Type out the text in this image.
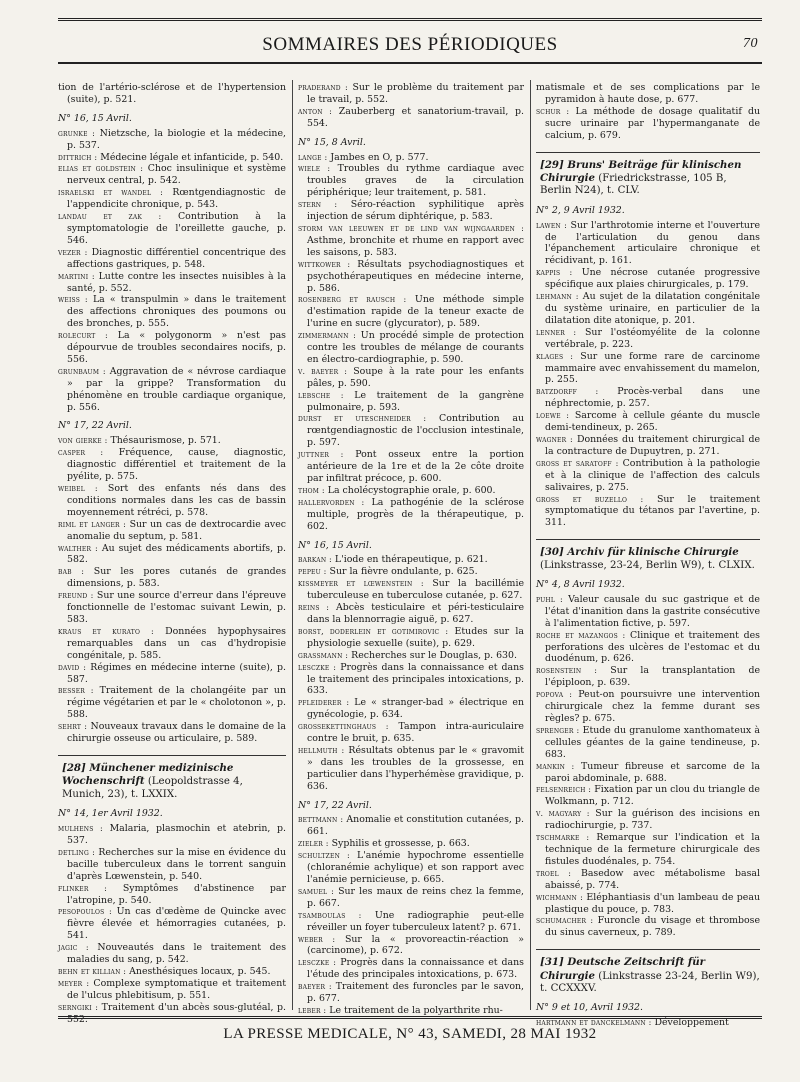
SOMMAIRES DES PÉRIODIQUES	70

tion de l'artério-sclérose et de l'hypertension (suite), p. 521.

N° 16, 15 Avril.

grunke : Nietzsche, la biologie et la médecine, p. 537.

dittrich : Médecine légale et infanticide, p. 540.

elias et goldstein : Choc insulinique et système nerveux central, p. 542.

israelski et wandel : Rœntgendiagnostic de l'appendicite chronique, p. 543.

landau et zak : Contribution à la symptomatologie de l'oreillette gauche, p. 546.

vezer : Diagnostic différentiel concentrique des affections gastriques, p. 548.

martini : Lutte contre les insectes nuisibles à la santé, p. 552.

weiss : La « transpulmin » dans le traitement des affections chroniques des poumons ou des bronches, p. 555.

rolecurt : La « polygonorm » n'est pas dépourvue de troubles secondaires nocifs, p. 556.

grunbaum : Aggravation de « névrose cardiaque » par la grippe? Transformation du phénomène en trouble cardiaque organique, p. 556.

N° 17, 22 Avril.

von gierke : Thésaurismose, p. 571.

casper : Fréquence, cause, diagnostic, diagnostic différentiel et traitement de la pyélite, p. 575.

weibel : Sort des enfants nés dans des conditions normales dans les cas de bassin moyennement rétréci, p. 578.

riml et langer : Sur un cas de dextrocardie avec anomalie du septum, p. 581.

walther : Au sujet des médicaments abortifs, p. 582.

bab : Sur les pores cutanés de grandes dimensions, p. 583.

freund : Sur une source d'erreur dans l'épreuve fonctionnelle de l'estomac suivant Lewin, p. 583.

kraus et kurato : Données hypophysaires remarquables dans un cas d'hydropisie congénitale, p. 585.

david : Régimes en médecine interne (suite), p. 587.

besser : Traitement de la cholangéite par un régime végétarien et par le « cholotonon », p. 588.

sehrt : Nouveaux travaux dans le domaine de la chirurgie osseuse ou articulaire, p. 589.

[28] Münchener medizinische Wochenschrift (Leopoldstrasse 4, Munich, 23), t. LXXIX.

N° 14, 1er Avril 1932.

mulhens : Malaria, plasmochin et atebrin, p. 537.

detling : Recherches sur la mise en évidence du bacille tuberculeux dans le torrent sanguin d'après Lœwenstein, p. 540.

flinker : Symptômes d'abstinence par l'atropine, p. 540.

pesopoulos : Un cas d'œdème de Quincke avec fièvre élevée et hémorragies cutanées, p. 541.

jagic : Nouveautés dans le traitement des maladies du sang, p. 542.

behn et killian : Anesthésiques locaux, p. 545.

meyer : Complexe symptomatique et traitement de l'ulcus phlebitisum, p. 551.

serngiki : Traitement d'un abcès sous-glutéal, p. 552.

praderand : Sur le problème du traitement par le travail, p. 552.

anton : Zauberberg et sanatorium-travail, p. 554.

N° 15, 8 Avril.

lange : Jambes en O, p. 577.

wiele : Troubles du rythme cardiaque avec troubles graves de la circulation périphérique; leur traitement, p. 581.

stern : Séro-réaction syphilitique après injection de sérum diphtérique, p. 583.

storm van leeuwen et de lind van wijngaarden : Asthme, bronchite et rhume en rapport avec les saisons, p. 583.

wittkower : Résultats psychodiagnostiques et psychothérapeutiques en médecine interne, p. 586.

rosenberg et rausch : Une méthode simple d'estimation rapide de la teneur exacte de l'urine en sucre (glycurator), p. 589.

zimmermann : Un procédé simple de protection contre les troubles de mélange de courants en électro-cardiographie, p. 590.

v. baeyer : Soupe à la rate pour les enfants pâles, p. 590.

lebsche : Le traitement de la gangrène pulmonaire, p. 593.

durst et uteschneider : Contribution au rœntgendiagnostic de l'occlusion intestinale, p. 597.

juttner : Pont osseux entre la portion antérieure de la 1re et de la 2e côte droite par infiltrat précoce, p. 600.

thom : La cholécystographie orale, p. 600.

hallervorden : La pathogénie de la sclérose multiple, progrès de la thérapeutique, p. 602.

N° 16, 15 Avril.

barkan : L'iode en thérapeutique, p. 621.

pepeu : Sur la fièvre ondulante, p. 625.

kissmeyer et lœwenstein : Sur la bacillémie tuberculeuse en tuberculose cutanée, p. 627.

reins : Abcès testiculaire et péri-testiculaire dans la blennorragie aiguë, p. 627.

borst, doderlein et gotimirovic : Etudes sur la physiologie sexuelle (suite), p. 629.

grassmann : Recherches sur le Douglas, p. 630.

lesczke : Progrès dans la connaissance et dans le traitement des principales intoxications, p. 633.

pfleiderer : Le « stranger-bad » électrique en gynécologie, p. 634.

grossekettinghaus : Tampon intra-auriculaire contre le bruit, p. 635.

hellmuth : Résultats obtenus par le « gravomit » dans les troubles de la grossesse, en particulier dans l'hyperhémèse gravidique, p. 636.

N° 17, 22 Avril.

bettmann : Anomalie et constitution cutanées, p. 661.

zieler : Syphilis et grossesse, p. 663.

schultzen : L'anémie hypochrome essentielle (chloranémie achylique) et son rapport avec l'anémie pernicieuse, p. 665.

samuel : Sur les maux de reins chez la femme, p. 667.

tsamboulas : Une radiographie peut-elle réveiller un foyer tuberculeux latent? p. 671.

weber : Sur la « provoreactin-réaction » (carcinome), p. 672.

lesczke : Progrès dans la connaissance et dans l'étude des principales intoxications, p. 673.

baeyer : Traitement des furoncles par le savon, p. 677.

leber : Le traitement de la polyarthrite rhu-

matismale et de ses complications par le pyramidon à haute dose, p. 677.

schur : La méthode de dosage qualitatif du sucre urinaire par l'hypermanganate de calcium, p. 679.

[29] Bruns' Beiträge für klinischen Chirurgie (Friedrickstrasse, 105 B, Berlin N24), t. CLV.

N° 2, 9 Avril 1932.

lawen : Sur l'arthrotomie interne et l'ouverture de l'articulation du genou dans l'épanchement articulaire chronique et récidivant, p. 161.

kappis : Une nécrose cutanée progressive spécifique aux plaies chirurgicales, p. 179.

lehmann : Au sujet de la dilatation congénitale du système urinaire, en particulier de la dilatation dite atonique, p. 201.

lenner : Sur l'ostéomyélite de la colonne vertébrale, p. 223.

klages : Sur une forme rare de carcinome mammaire avec envahissement du mamelon, p. 255.

batzdorff : Procès-verbal dans une néphrectomie, p. 257.

loewe : Sarcome à cellule géante du muscle demi-tendineux, p. 265.

wagner : Données du traitement chirurgical de la contracture de Dupuytren, p. 271.

gross et saratoff : Contribution à la pathologie et à la clinique de l'affection des calculs salivaires, p. 275.

gross et buzello : Sur le traitement symptomatique du tétanos par l'avertine, p. 311.

[30] Archiv für klinische Chirurgie (Linkstrasse, 23-24, Berlin W9), t. CLXIX.

N° 4, 8 Avril 1932.

puhl : Valeur causale du suc gastrique et de l'état d'inanition dans la gastrite consécutive à l'alimentation fictive, p. 597.

roche et mazangos : Clinique et traitement des perforations des ulcères de l'estomac et du duodénum, p. 626.

rosenstein : Sur la transplantation de l'épiploon, p. 639.

popova : Peut-on poursuivre une intervention chirurgicale chez la femme durant ses règles? p. 675.

sprenger : Etude du granulome xanthomateux à cellules géantes de la gaine tendineuse, p. 683.

mankin : Tumeur fibreuse et sarcome de la paroi abdominale, p. 688.

felsenreich : Fixation par un clou du triangle de Wolkmann, p. 712.

v. magyary : Sur la guérison des incisions en radiochirurgie, p. 737.

tschmarke : Remarque sur l'indication et la technique de la fermeture chirurgicale des fistules duodénales, p. 754.

troel : Basedow avec métabolisme basal abaissé, p. 774.

wichmann : Eléphantiasis d'un lambeau de peau plastique du pouce, p. 783.

schumacher : Furoncle du visage et thrombose du sinus caverneux, p. 789.

[31] Deutsche Zeitschrift für Chirurgie (Linkstrasse 23-24, Berlin W9), t. CCXXXV.

N° 9 et 10, Avril 1932.

hartmann et danckelmann : Développement

LA PRESSE MEDICALE, N° 43, SAMEDI, 28 MAI 1932
